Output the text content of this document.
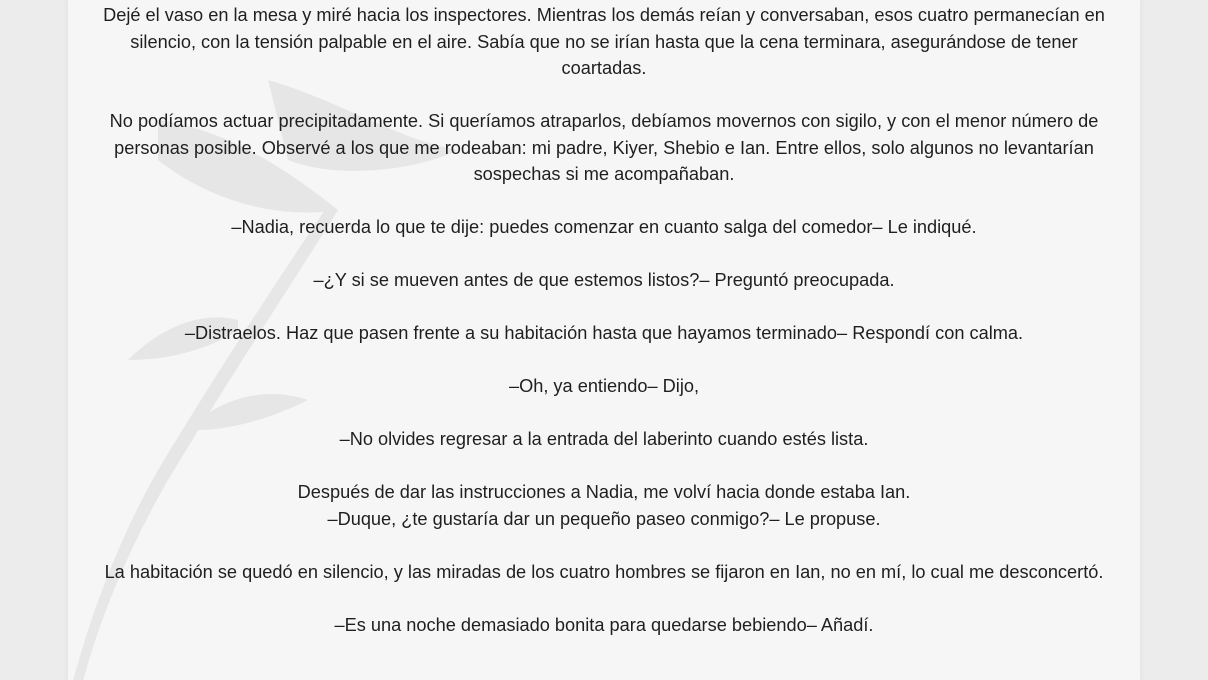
Dejé el vaso en la mesa y miré hacia los inspectores. Mientras los demás reían y conversaban, esos cuatro permanecían en silencio, con la tensión palpable en el aire. Sabía que no se irían hasta que la cena terminara, asegurándose de tener coartadas.

No podíamos actuar precipitadamente. Si queríamos atraparlos, debíamos movernos con sigilo, y con el menor número de personas posible. Observé a los que me rodeaban: mi padre, Kiyer, Shebio e Ian. Entre ellos, solo algunos no levantarían sospechas si me acompañaban.

–Nadia, recuerda lo que te dije: puedes comenzar en cuanto salga del comedor– Le indiqué.

–¿Y si se mueven antes de que estemos listos?– Preguntó preocupada.

–Distraelos. Haz que pasen frente a su habitación hasta que hayamos terminado– Respondí con calma.

–Oh, ya entiendo– Dijo,

–No olvides regresar a la entrada del laberinto cuando estés lista.

Después de dar las instrucciones a Nadia, me volví hacia donde estaba Ian.
–Duque, ¿te gustaría dar un pequeño paseo conmigo?– Le propuse.

La habitación se quedó en silencio, y las miradas de los cuatro hombres se fijaron en Ian, no en mí, lo cual me desconcertó.

–Es una noche demasiado bonita para quedarse bebiendo– Añadí.
